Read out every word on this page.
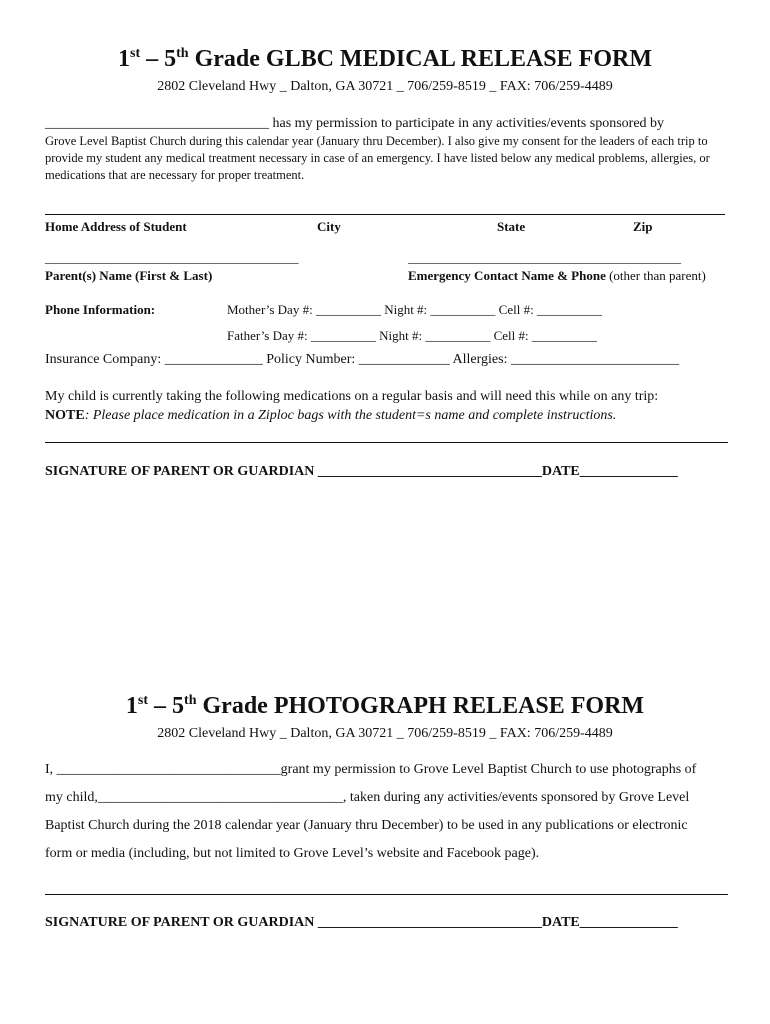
1st – 5th Grade GLBC MEDICAL RELEASE FORM
2802 Cleveland Hwy _ Dalton, GA 30721 _ 706/259-8519 _ FAX: 706/259-4489
________________________________ has my permission to participate in any activities/events sponsored by
Grove Level Baptist Church during this calendar year (January thru December). I also give my consent for the leaders of each trip to provide my student any medical treatment necessary in case of an emergency. I have listed below any medical problems, allergies, or medications that are necessary for proper treatment.
Home Address of Student	City	State	Zip
_______________________________________	__________________________________________
Parent(s) Name (First & Last)	Emergency Contact Name & Phone (other than parent)
Phone Information:	Mother’s Day #: __________ Night #: __________ Cell #: __________
Father’s Day #: __________ Night #: __________ Cell #: __________
Insurance Company: ______________ Policy Number: _____________ Allergies: ________________________
My child is currently taking the following medications on a regular basis and will need this while on any trip:
NOTE: Please place medication in a Ziploc bags with the student=s name and complete instructions.
SIGNATURE OF PARENT OR GUARDIAN ________________________________DATE______________
1st – 5th Grade PHOTOGRAPH RELEASE FORM
2802 Cleveland Hwy _ Dalton, GA 30721 _ 706/259-8519 _ FAX: 706/259-4489
I, ________________________________grant my permission to Grove Level Baptist Church to use photographs of
my child,___________________________________, taken during any activities/events sponsored by Grove Level
Baptist Church during the 2018 calendar year (January thru December) to be used in any publications or electronic
form or media (including, but not limited to Grove Level’s website and Facebook page).
SIGNATURE OF PARENT OR GUARDIAN ________________________________DATE______________
